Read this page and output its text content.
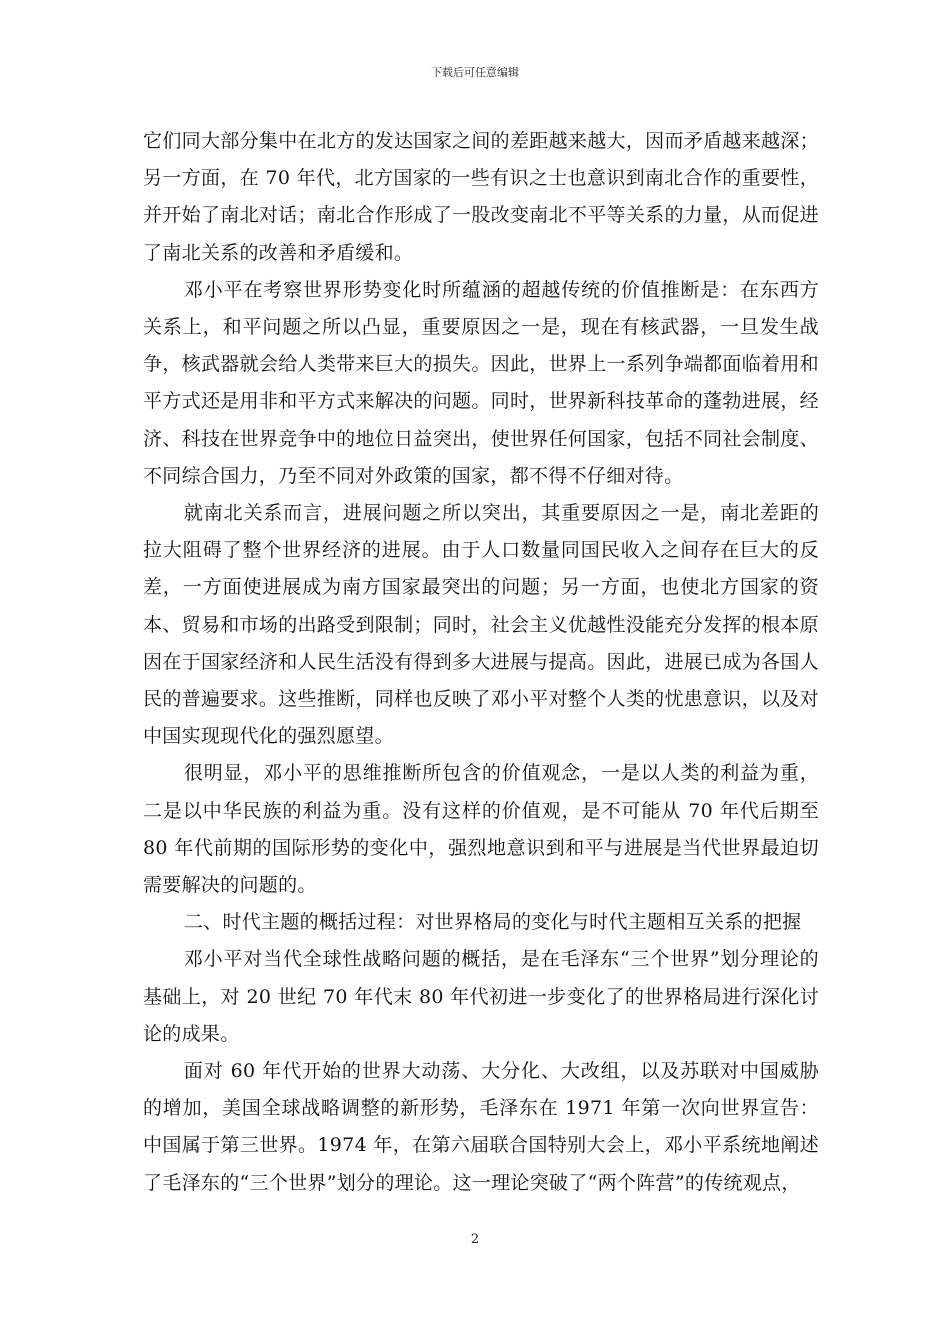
下载后可任意编辑

它们同大部分集中在北方的发达国家之间的差距越来越大，因而矛盾越来越深；另一方面，在 70 年代，北方国家的一些有识之士也意识到南北合作的重要性，并开始了南北对话；南北合作形成了一股改变南北不平等关系的力量，从而促进了南北关系的改善和矛盾缓和。

邓小平在考察世界形势变化时所蕴涵的超越传统的价值推断是：在东西方关系上，和平问题之所以凸显，重要原因之一是，现在有核武器，一旦发生战争，核武器就会给人类带来巨大的损失。因此，世界上一系列争端都面临着用和平方式还是用非和平方式来解决的问题。同时，世界新科技革命的蓬勃进展，经济、科技在世界竞争中的地位日益突出，使世界任何国家，包括不同社会制度、不同综合国力，乃至不同对外政策的国家，都不得不仔细对待。

就南北关系而言，进展问题之所以突出，其重要原因之一是，南北差距的拉大阻碍了整个世界经济的进展。由于人口数量同国民收入之间存在巨大的反差，一方面使进展成为南方国家最突出的问题；另一方面，也使北方国家的资本、贸易和市场的出路受到限制；同时，社会主义优越性没能充分发挥的根本原因在于国家经济和人民生活没有得到多大进展与提高。因此，进展已成为各国人民的普遍要求。这些推断，同样也反映了邓小平对整个人类的忧患意识，以及对中国实现现代化的强烈愿望。

很明显，邓小平的思维推断所包含的价值观念，一是以人类的利益为重，二是以中华民族的利益为重。没有这样的价值观，是不可能从 70 年代后期至 80 年代前期的国际形势的变化中，强烈地意识到和平与进展是当代世界最迫切需要解决的问题的。

二、时代主题的概括过程：对世界格局的变化与时代主题相互关系的把握

邓小平对当代全球性战略问题的概括，是在毛泽东“三个世界”划分理论的基础上，对 20 世纪 70 年代末 80 年代初进一步变化了的世界格局进行深化讨论的成果。

面对 60 年代开始的世界大动荡、大分化、大改组，以及苏联对中国威胁的增加，美国全球战略调整的新形势，毛泽东在 1971 年第一次向世界宣告：中国属于第三世界。1974 年，在第六届联合国特别大会上，邓小平系统地阐述了毛泽东的“三个世界”划分的理论。这一理论突破了“两个阵营”的传统观点，

2
